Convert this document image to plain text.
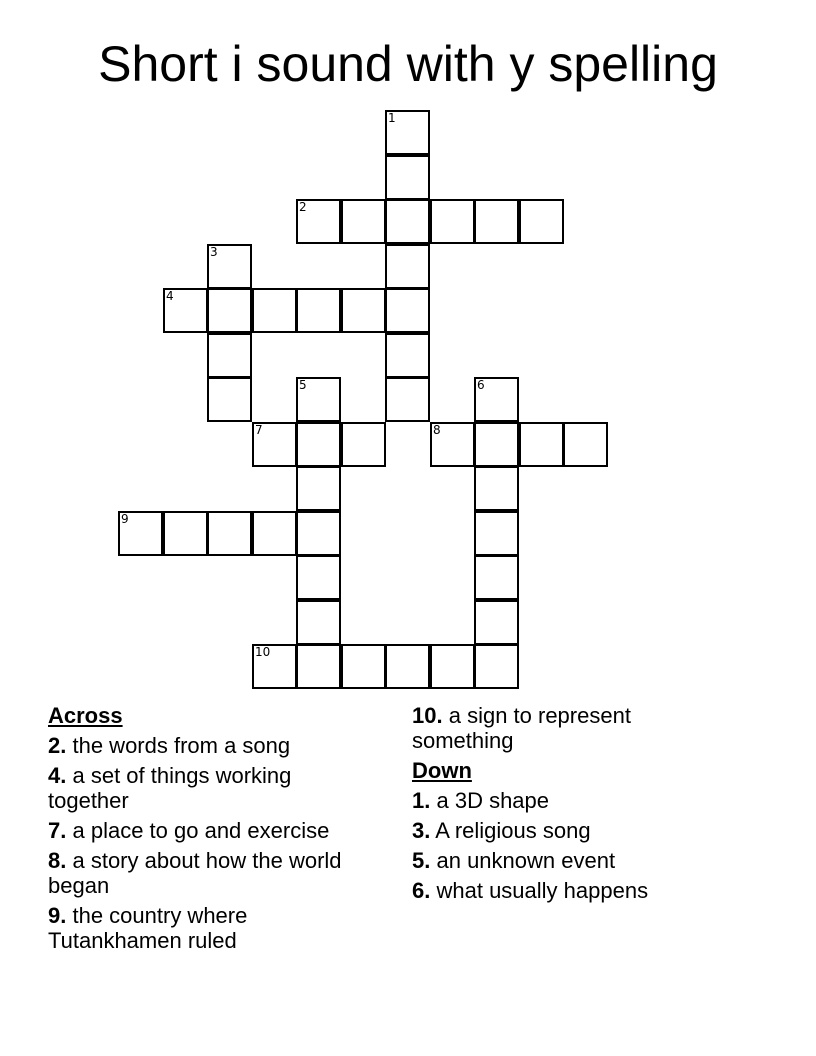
Short i sound with y spelling
1
2
3
4
5	6
7	8
9
10
Across
2. the words from a song
4. a set of things working together
7. a place to go and exercise
8. a story about how the world began
9. the country where Tutankhamen ruled
10. a sign to represent something
Down
1. a 3D shape
3. A religious song
5. an unknown event
6. what usually happens
